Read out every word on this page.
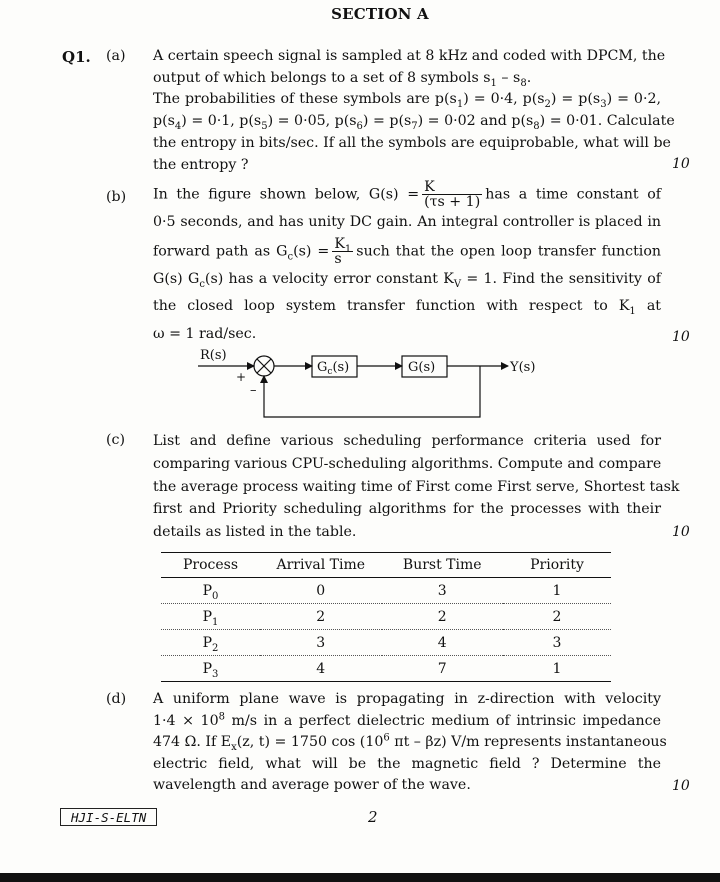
SECTION A
Q1. (a) A certain speech signal is sampled at 8 kHz and coded with DPCM, the
output of which belongs to a set of 8 symbols $s_1 - s_8$.
The probabilities of these symbols are $p(s_1) = 0\cdot 4$, $p(s_2) = p(s_3) = 0\cdot 2$,
$p(s_4) = 0\cdot 1$, $p(s_5) = 0\cdot 05$, $p(s_6) = p(s_7) = 0\cdot 02$ and $p(s_8) = 0\cdot 01$. Calculate
the entropy in bits/sec. If all the symbols are equiprobable, what will be
the entropy ?	10
(b) In the figure shown below, $G(s) = \frac{K}{(\tau s + 1)}$ has a time constant of
0·5 seconds, and has unity DC gain. An integral controller is placed in
forward path as $G_c(s) = \frac{K_1}{s}$ such that the open loop transfer function
G(s) $G_c(s)$ has a velocity error constant $K_V = 1$. Find the sensitivity of
the closed loop system transfer function with respect to $K_1$ at
ω = 1 rad/sec.	10
R(s)
+
$G_c(s)$	G(s)	Y(s)
–
(c) List and define various scheduling performance criteria used for
comparing various CPU-scheduling algorithms. Compute and compare
the average process waiting time of First come First serve, Shortest task
first and Priority scheduling algorithms for the processes with their
details as listed in the table.	10
Process	Arrival Time	Burst Time	Priority
$P_0$	0	3	1
$P_1$	2	2	2
$P_2$	3	4	3
$P_3$	4	7	1
(d) A uniform plane wave is propagating in z-direction with velocity
$1\cdot 4 \times 10^8$ m/s in a perfect dielectric medium of intrinsic impedance
474 Ω. If $E_x(z$, t) = 1750 $\cos (10^6$ πt – βz) V/m represents instantaneous
electric field, what will be the magnetic field ? Determine the
wavelength and average power of the wave.	10
HJI-S-ELTN	2
